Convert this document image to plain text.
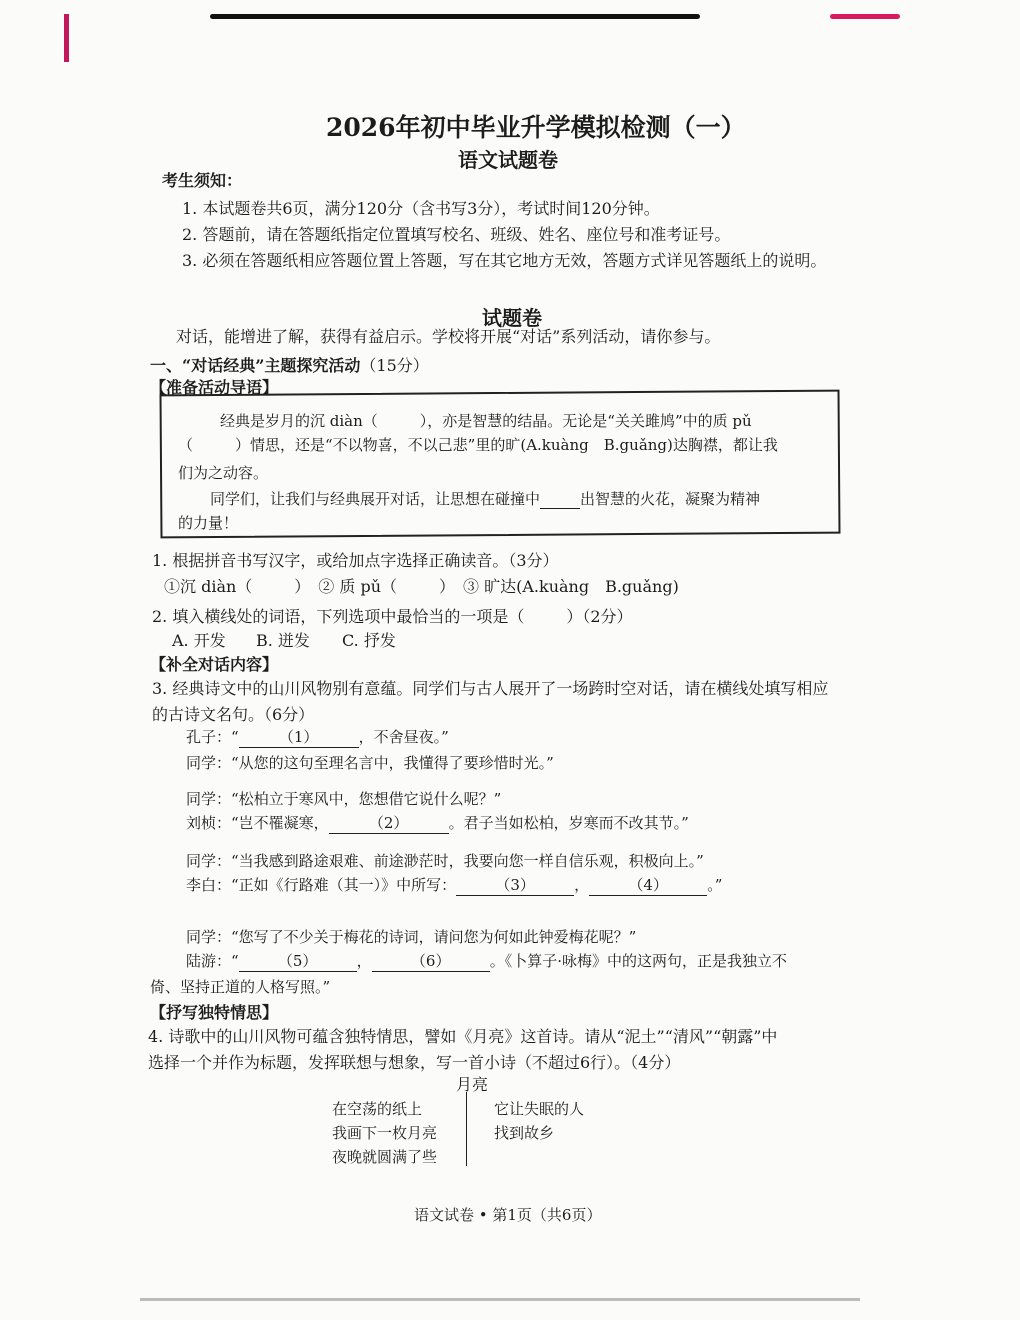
2026年初中毕业升学模拟检测（一）
语文试题卷
考生须知：
1. 本试题卷共6页，满分120分（含书写3分），考试时间120分钟。
2. 答题前，请在答题纸指定位置填写校名、班级、姓名、座位号和准考证号。
3. 必须在答题纸相应答题位置上答题，写在其它地方无效，答题方式详见答题纸上的说明。
试题卷
对话，能增进了解，获得有益启示。学校将开展“对话”系列活动，请你参与。
一、“对话经典”主题探究活动（15分）
【准备活动导语】
经典是岁月的沉 diàn（	），亦是智慧的结晶。无论是“关关雎鸠”中的质 pǔ
（	）情思，还是“不以物喜，不以己悲”里的旷(A.kuàng　B.guǎng)达胸襟，都让我
们为之动容。
同学们，让我们与经典展开对话，让思想在碰撞中	出智慧的火花，凝聚为精神
的力量！
1. 根据拼音书写汉字，或给加点字选择正确读音。（3分）
①沉 diàn（	）　② 质 pǔ（	）　③ 旷达(A.kuàng　B.guǎng)
2. 填入横线处的词语，下列选项中最恰当的一项是（	）（2分）
A. 开发 B. 迸发 C. 抒发
【补全对话内容】
3. 经典诗文中的山川风物别有意蕴。同学们与古人展开了一场跨时空对话，请在横线处填写相应
的古诗文名句。（6分）
孔子：“	（1）	，不舍昼夜。”
同学：“从您的这句至理名言中，我懂得了要珍惜时光。”
同学：“松柏立于寒风中，您想借它说什么呢？”
刘桢：“岂不罹凝寒，	（2）	。君子当如松柏，岁寒而不改其节。”
同学：“当我感到路途艰难、前途渺茫时，我要向您一样自信乐观，积极向上。”
李白：“正如《行路难（其一）》中所写：	（3）	，	（4）	。”
同学：“您写了不少关于梅花的诗词，请问您为何如此钟爱梅花呢？”
陆游：“	（5）	，	（6）	。《卜算子·咏梅》中的这两句，正是我独立不
倚、坚持正道的人格写照。”
【抒写独特情思】
4. 诗歌中的山川风物可蕴含独特情思，譬如《月亮》这首诗。请从“泥土”“清风”“朝露”中
选择一个并作为标题，发挥联想与想象，写一首小诗（不超过6行）。（4分）
月亮
在空荡的纸上
我画下一枚月亮
夜晚就圆满了些
它让失眠的人
找到故乡
语文试卷 • 第1页（共6页）
